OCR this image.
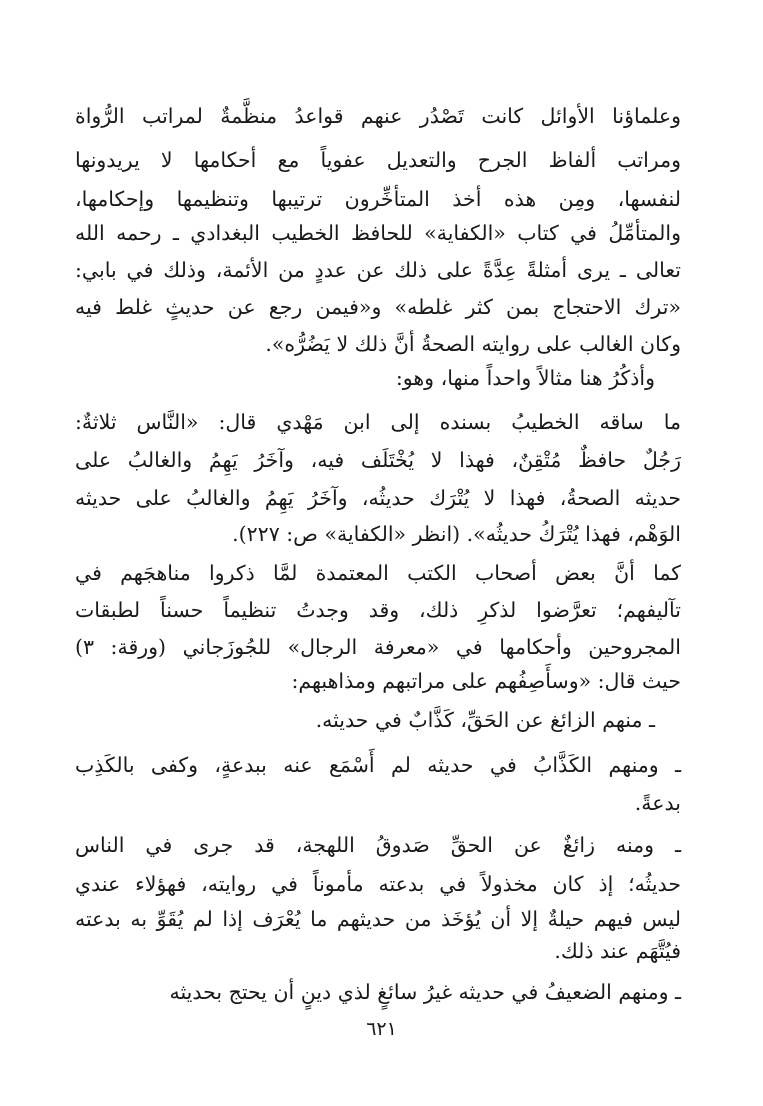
وعلماؤنا الأوائل كانت تَصْدُر عنهم قواعدُ منظَّمةٌ لمراتب الرُّواة
ومراتب ألفاظ الجرح والتعديل عفوياً مع أحكامها لا يريدونها
لنفسها، ومِن هذه أخذ المتأخِّرون ترتيبها وتنظيمها وإحكامها،
والمتأمِّلُ في كتاب «الكفاية» للحافظ الخطيب البغدادي ـ رحمه الله
تعالى ـ يرى أمثلةً عِدَّةً على ذلك عن عددٍ من الأئمة، وذلك في بابي:
«ترك الاحتجاج بمن كثر غلطه» و«فيمن رجع عن حديثٍ غلط فيه
وكان الغالب على روايته الصحةُ أنَّ ذلك لا يَضُرُّه».
وأذكُرُ هنا مثالاً واحداً منها، وهو:
ما ساقه الخطيبُ بسنده إلى ابن مَهْدي قال: «النَّاس ثلاثةٌ:
رَجُلٌ حافظٌ مُتْقِنٌ، فهذا لا يُخْتَلَف فيه، وآخَرُ يَهِمُ والغالبُ على
حديثه الصحةُ، فهذا لا يُتْرَك حديثُه، وآخَرُ يَهِمُ والغالبُ على حديثه
الوَهْم، فهذا يُتْرَكُ حديثُه». (انظر «الكفاية» ص: ٢٢٧).
كما أنَّ بعض أصحاب الكتب المعتمدة لمَّا ذكروا مناهجَهم في
تآليفهم؛ تعرَّضوا لذكرِ ذلك، وقد وجدتُ تنظيماً حسناً لطبقات
المجروحين وأحكامها في «معرفة الرجال» للجُوزَجاني (ورقة: ٣)
حيث قال: «وسأَصِفُهم على مراتبهم ومذاهبهم:
ـ منهم الزائغ عن الحَقِّ، كَذَّابٌ في حديثه.
ـ ومنهم الكَذَّابُ في حديثه لم أَسْمَع عنه ببدعةٍ، وكفى بالكَذِب
بدعةً.
ـ ومنه زائغٌ عن الحقِّ صَدوقُ اللهجة، قد جرى في الناس
حديثُه؛ إذ كان مخذولاً في بدعته مأموناً في روايته، فهؤلاء عندي
ليس فيهم حيلةٌ إلا أن يُؤخَذ من حديثهم ما يُعْرَف إذا لم يُقَوِّ به بدعته
فيُتَّهَم عند ذلك.
ـ ومنهم الضعيفُ في حديثه غيرُ سائغٍ لذي دينٍ أن يحتج بحديثه
٦٢١
